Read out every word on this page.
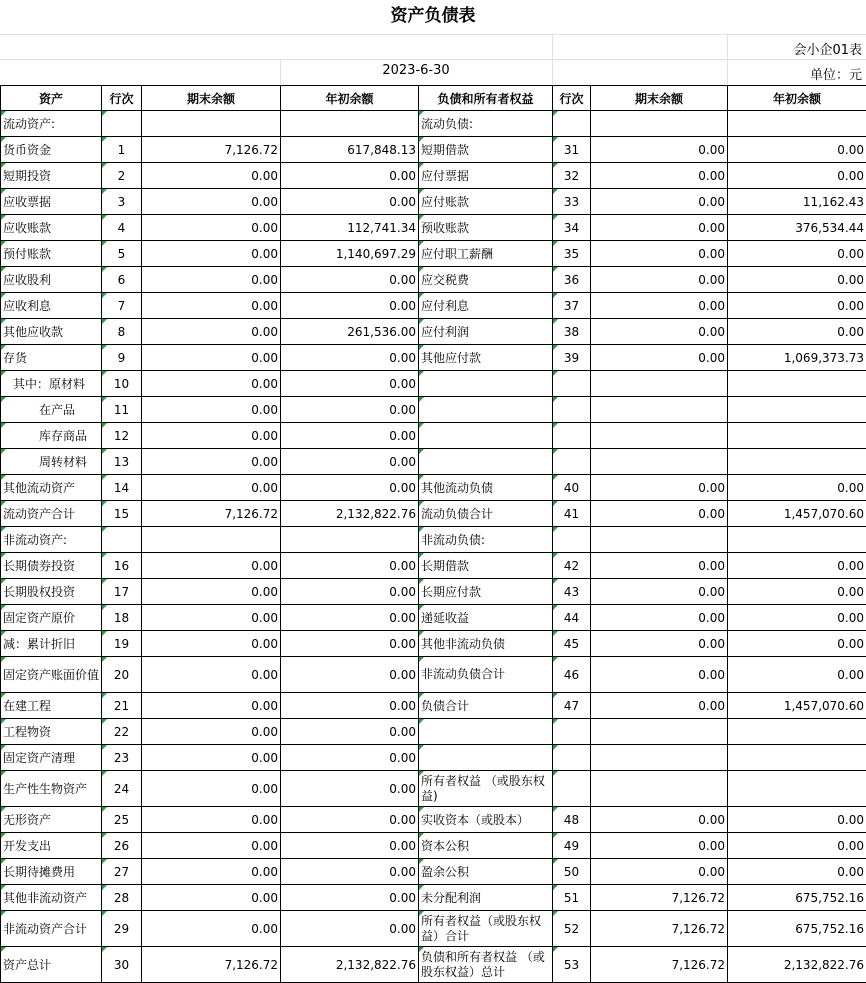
资产负债表
会小企01表
2023-6-30	单位：元
资产	行次	期末余额	年初余额	负债和所有者权益	行次	期末余额	年初余额
流动资产:				流动负债:			
货币资金	1	7,126.72	617,848.13	短期借款	31	0.00	0.00
短期投资	2	0.00	0.00	应付票据	32	0.00	0.00
应收票据	3	0.00	0.00	应付账款	33	0.00	11,162.43
应收账款	4	0.00	112,741.34	预收账款	34	0.00	376,534.44
预付账款	5	0.00	1,140,697.29	应付职工薪酬	35	0.00	0.00
应收股利	6	0.00	0.00	应交税费	36	0.00	0.00
应收利息	7	0.00	0.00	应付利息	37	0.00	0.00
其他应收款	8	0.00	261,536.00	应付利润	38	0.00	0.00
存货	9	0.00	0.00	其他应付款	39	0.00	1,069,373.73
其中：原材料	10	0.00	0.00				
在产品	11	0.00	0.00				
库存商品	12	0.00	0.00				
周转材料	13	0.00	0.00				
其他流动资产	14	0.00	0.00	其他流动负债	40	0.00	0.00
流动资产合计	15	7,126.72	2,132,822.76	流动负债合计	41	0.00	1,457,070.60
非流动资产:				非流动负债:			
长期债券投资	16	0.00	0.00	长期借款	42	0.00	0.00
长期股权投资	17	0.00	0.00	长期应付款	43	0.00	0.00
固定资产原价	18	0.00	0.00	递延收益	44	0.00	0.00
减：累计折旧	19	0.00	0.00	其他非流动负债	45	0.00	0.00
固定资产账面价值	20	0.00	0.00	非流动负债合计	46	0.00	0.00
在建工程	21	0.00	0.00	负债合计	47	0.00	1,457,070.60
工程物资	22	0.00	0.00				
固定资产清理	23	0.00	0.00				
生产性生物资产	24	0.00	0.00	所有者权益 （或股东权益)			
无形资产	25	0.00	0.00	实收资本（或股本）	48	0.00	0.00
开发支出	26	0.00	0.00	资本公积	49	0.00	0.00
长期待摊费用	27	0.00	0.00	盈余公积	50	0.00	0.00
其他非流动资产	28	0.00	0.00	未分配利润	51	7,126.72	675,752.16
非流动资产合计	29	0.00	0.00	所有者权益（或股东权益）合计	52	7,126.72	675,752.16
资产总计	30	7,126.72	2,132,822.76	负债和所有者权益 （或股东权益）总计	53	7,126.72	2,132,822.76
